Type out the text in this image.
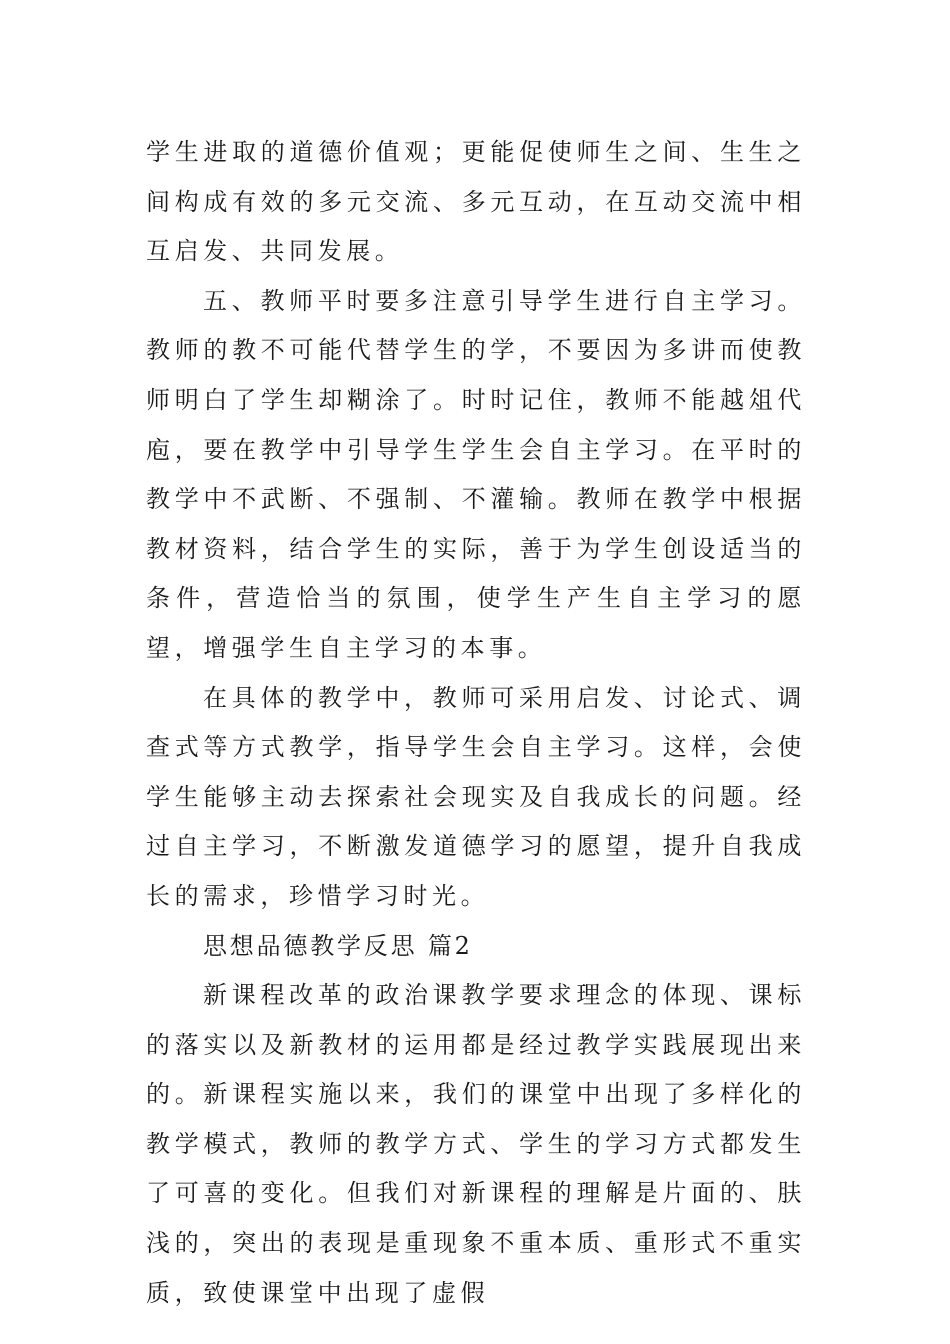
学生进取的道德价值观；更能促使师生之间、生生之间构成有效的多元交流、多元互动，在互动交流中相互启发、共同发展。

五、教师平时要多注意引导学生进行自主学习。教师的教不可能代替学生的学，不要因为多讲而使教师明白了学生却糊涂了。时时记住，教师不能越俎代庖，要在教学中引导学生学生会自主学习。在平时的教学中不武断、不强制、不灌输。教师在教学中根据教材资料，结合学生的实际，善于为学生创设适当的条件，营造恰当的氛围，使学生产生自主学习的愿望，增强学生自主学习的本事。

在具体的教学中，教师可采用启发、讨论式、调查式等方式教学，指导学生会自主学习。这样，会使学生能够主动去探索社会现实及自我成长的问题。经过自主学习，不断激发道德学习的愿望，提升自我成长的需求，珍惜学习时光。

思想品德教学反思 篇2

新课程改革的政治课教学要求理念的体现、课标的落实以及新教材的运用都是经过教学实践展现出来的。新课程实施以来，我们的课堂中出现了多样化的教学模式，教师的教学方式、学生的学习方式都发生了可喜的变化。但我们对新课程的理解是片面的、肤浅的，突出的表现是重现象不重本质、重形式不重实质，致使课堂中出现了虚假
